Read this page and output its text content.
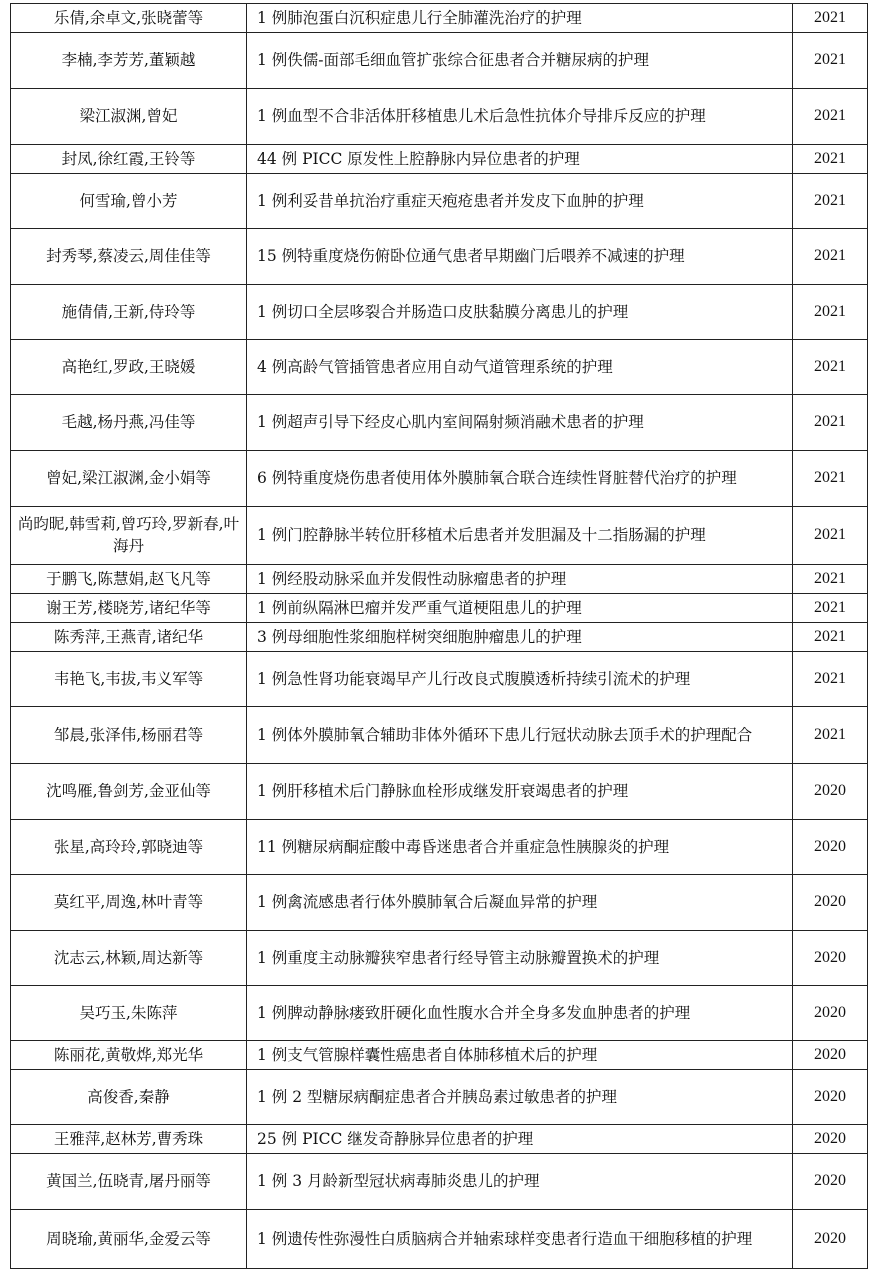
乐倩,余卓文,张晓蕾等	1 例肺泡蛋白沉积症患儿行全肺灌洗治疗的护理	2021
李楠,李芳芳,董颖越	1 例佚儒-面部毛细血管扩张综合征患者合并糖尿病的护理	2021
梁江淑渊,曾妃	1 例血型不合非活体肝移植患儿术后急性抗体介导排斥反应的护理	2021
封凤,徐红霞,王铃等	44 例 PICC 原发性上腔静脉内异位患者的护理	2021
何雪瑜,曾小芳	1 例利妥昔单抗治疗重症天疱疮患者并发皮下血肿的护理	2021
封秀琴,蔡凌云,周佳佳等	15 例特重度烧伤俯卧位通气患者早期幽门后喂养不减速的护理	2021
施倩倩,王新,侍玲等	1 例切口全层哆裂合并肠造口皮肤黏膜分离患儿的护理	2021
高艳红,罗政,王晓媛	4 例高龄气管插管患者应用自动气道管理系统的护理	2021
毛越,杨丹燕,冯佳等	1 例超声引导下经皮心肌内室间隔射频消融术患者的护理	2021
曾妃,梁江淑渊,金小娟等	6 例特重度烧伤患者使用体外膜肺氧合联合连续性肾脏替代治疗的护理	2021
尚昀昵,韩雪莉,曾巧玲,罗新春,叶海丹	1 例门腔静脉半转位肝移植术后患者并发胆漏及十二指肠漏的护理	2021
于鹏飞,陈慧娟,赵飞凡等	1 例经股动脉采血并发假性动脉瘤患者的护理	2021
谢王芳,楼晓芳,诸纪华等	1 例前纵隔淋巴瘤并发严重气道梗阻患儿的护理	2021
陈秀萍,王燕青,诸纪华	3 例母细胞性浆细胞样树突细胞肿瘤患儿的护理	2021
韦艳飞,韦拔,韦义军等	1 例急性肾功能衰竭早产儿行改良式腹膜透析持续引流术的护理	2021
邹晨,张泽伟,杨丽君等	1 例体外膜肺氧合辅助非体外循环下患儿行冠状动脉去顶手术的护理配合	2021
沈鸣雁,鲁剑芳,金亚仙等	1 例肝移植术后门静脉血栓形成继发肝衰竭患者的护理	2020
张星,高玲玲,郭晓迪等	11 例糖尿病酮症酸中毒昏迷患者合并重症急性胰腺炎的护理	2020
莫红平,周逸,林叶青等	1 例禽流感患者行体外膜肺氧合后凝血异常的护理	2020
沈志云,林颖,周达新等	1 例重度主动脉瓣狭窄患者行经导管主动脉瓣置换术的护理	2020
吴巧玉,朱陈萍	1 例脾动静脉瘘致肝硬化血性腹水合并全身多发血肿患者的护理	2020
陈丽花,黄敬烨,郑光华	1 例支气管腺样囊性癌患者自体肺移植术后的护理	2020
高俊香,秦静	1 例 2 型糖尿病酮症患者合并胰岛素过敏患者的护理	2020
王雅萍,赵林芳,曹秀珠	25 例 PICC 继发奇静脉异位患者的护理	2020
黄国兰,伍晓青,屠丹丽等	1 例 3 月龄新型冠状病毒肺炎患儿的护理	2020
周晓瑜,黄丽华,金爱云等	1 例遗传性弥漫性白质脑病合并轴索球样变患者行造血干细胞移植的护理	2020
